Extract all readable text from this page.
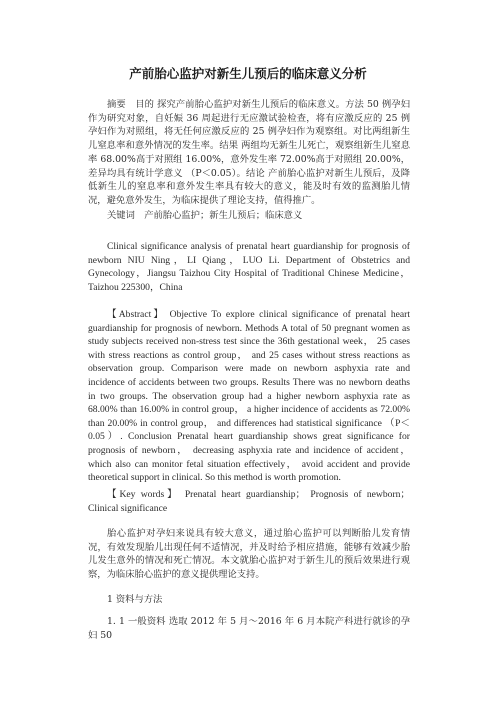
产前胎心监护对新生儿预后的临床意义分析
摘要　目的 探究产前胎心监护对新生儿预后的临床意义。方法 50 例孕妇作为研究对象，自妊娠 36 周起进行无应激试验检查，将有应激反应的 25 例孕妇作为对照组，将无任何应激反应的 25 例孕妇作为观察组。对比两组新生儿窒息率和意外情况的发生率。结果 两组均无新生儿死亡，观察组新生儿窒息率 68.00%高于对照组 16.00%，意外发生率 72.00%高于对照组 20.00%，差异均具有统计学意义 （P＜0.05）。结论 产前胎心监护对新生儿预后，及降低新生儿的窒息率和意外发生率具有较大的意义，能及时有效的监测胎儿情况，避免意外发生，为临床提供了理论支持，值得推广。
关键词　产前胎心监护；新生儿预后；临床意义
Clinical significance analysis of prenatal heart guardianship for prognosis of newborn NIU Ning，LI Qiang，LUO Li. Department of Obstetrics and Gynecology，Jiangsu Taizhou City Hospital of Traditional Chinese Medicine，Taizhou 225300，China
【Abstract】 Objective To explore clinical significance of prenatal heart guardianship for prognosis of newborn. Methods A total of 50 pregnant women as study subjects received non-stress test since the 36th gestational week， 25 cases with stress reactions as control group， and 25 cases without stress reactions as observation group. Comparison were made on newborn asphyxia rate and incidence of accidents between two groups. Results There was no newborn deaths in two groups. The observation group had a higher newborn asphyxia rate as 68.00% than 16.00% in control group， a higher incidence of accidents as 72.00% than 20.00% in control group， and differences had statistical significance （P＜0.05）. Conclusion Prenatal heart guardianship shows great significance for prognosis of newborn， decreasing asphyxia rate and incidence of accident， which also can monitor fetal situation effectively， avoid accident and provide theoretical support in clinical. So this method is worth promotion.
【Key words】 Prenatal heart guardianship； Prognosis of newborn； Clinical significance
胎心监护对孕妇来说具有较大意义，通过胎心监护可以判断胎儿发育情况，有效发现胎儿出现任何不适情况，并及时给予相应措施，能够有效减少胎儿发生意外的情况和死亡情况。本文就胎心监护对于新生儿的预后效果进行观察，为临床胎心监护的意义提供理论支持。
1 资料与方法
1. 1 一般资料 选取 2012 年 5 月～2016 年 6 月本院产科进行就诊的孕妇 50
